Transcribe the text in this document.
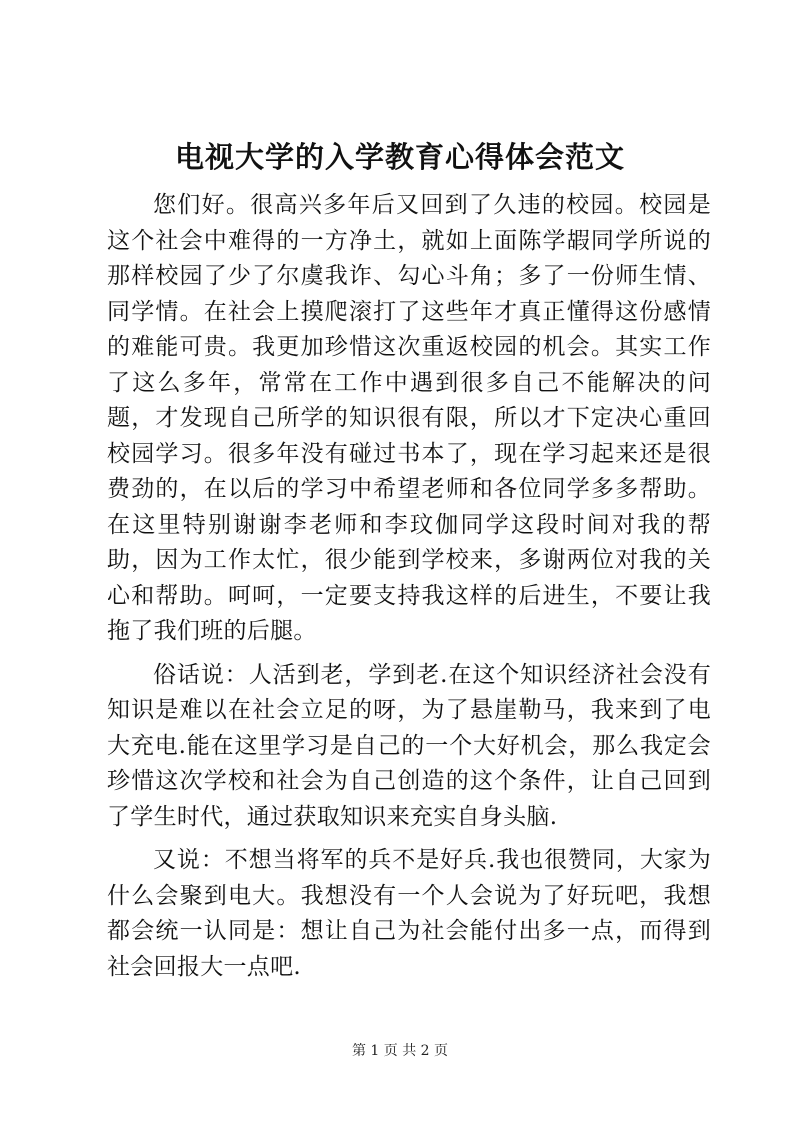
电视大学的入学教育心得体会范文

您们好。很高兴多年后又回到了久违的校园。校园是这个社会中难得的一方净土，就如上面陈学嘏同学所说的那样校园了少了尔虞我诈、勾心斗角；多了一份师生情、同学情。在社会上摸爬滚打了这些年才真正懂得这份感情的难能可贵。我更加珍惜这次重返校园的机会。其实工作了这么多年，常常在工作中遇到很多自己不能解决的问题，才发现自己所学的知识很有限，所以才下定决心重回校园学习。很多年没有碰过书本了，现在学习起来还是很费劲的，在以后的学习中希望老师和各位同学多多帮助。在这里特别谢谢李老师和李玟伽同学这段时间对我的帮助，因为工作太忙，很少能到学校来，多谢两位对我的关心和帮助。呵呵，一定要支持我这样的后进生，不要让我拖了我们班的后腿。

俗话说：人活到老，学到老.在这个知识经济社会没有知识是难以在社会立足的呀，为了悬崖勒马，我来到了电大充电.能在这里学习是自己的一个大好机会，那么我定会珍惜这次学校和社会为自己创造的这个条件，让自己回到了学生时代，通过获取知识来充实自身头脑.

又说：不想当将军的兵不是好兵.我也很赞同，大家为什么会聚到电大。我想没有一个人会说为了好玩吧，我想都会统一认同是：想让自己为社会能付出多一点，而得到社会回报大一点吧.

第 1 页 共 2 页
